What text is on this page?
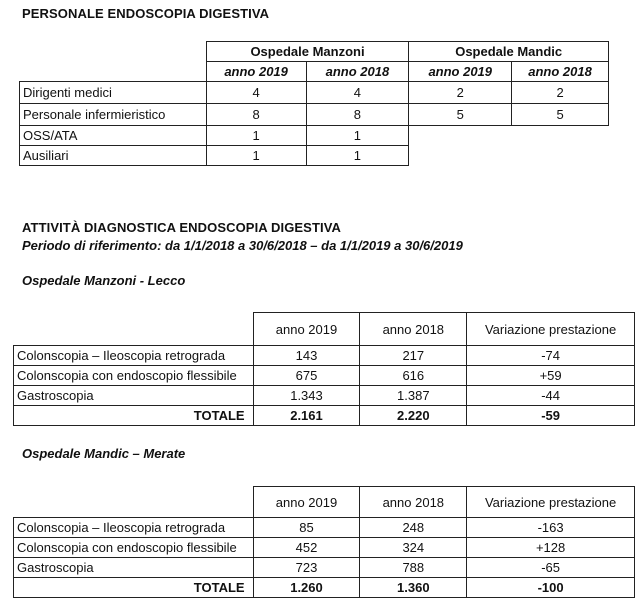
PERSONALE ENDOSCOPIA DIGESTIVA
	Ospedale Manzoni		Ospedale Mandic	
	anno 2019	anno 2018	anno 2019	anno 2018
Dirigenti medici	4	4	2	2
Personale infermieristico	8	8	5	5
OSS/ATA	1	1		
Ausiliari	1	1		
ATTIVITÀ DIAGNOSTICA ENDOSCOPIA DIGESTIVA
Periodo di riferimento: da 1/1/2018 a 30/6/2018 – da 1/1/2019 a 30/6/2019
Ospedale Manzoni - Lecco
	anno 2019	anno 2018	Variazione prestazione
Colonscopia – Ileoscopia retrograda	143	217	-74
Colonscopia con endoscopio flessibile	675	616	+59
Gastroscopia	1.343	1.387	-44
TOTALE	2.161	2.220	-59
Ospedale Mandic – Merate
	anno 2019	anno 2018	Variazione prestazione
Colonscopia – Ileoscopia retrograda	85	248	-163
Colonscopia con endoscopio flessibile	452	324	+128
Gastroscopia	723	788	-65
TOTALE	1.260	1.360	-100
